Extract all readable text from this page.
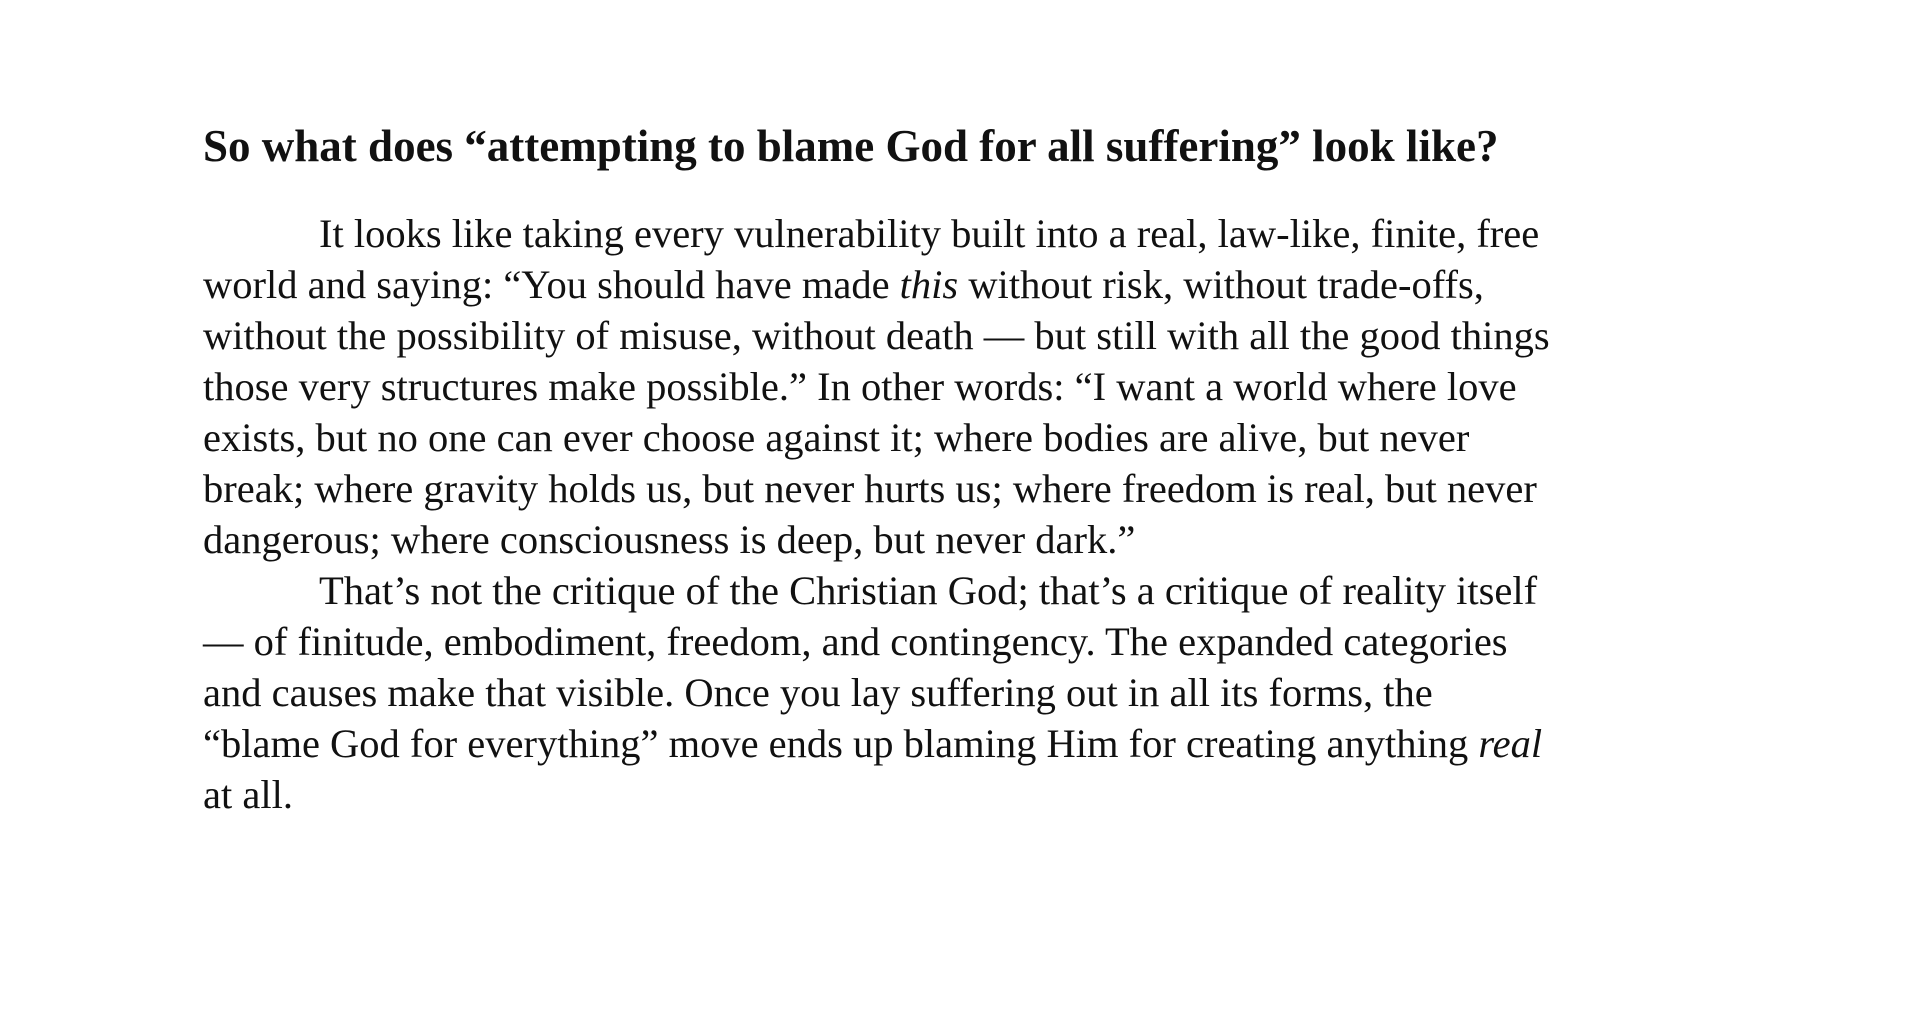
So what does “attempting to blame God for all suffering” look like?
It looks like taking every vulnerability built into a real, law-like, finite, free
world and saying: “You should have made this without risk, without trade-offs,
without the possibility of misuse, without death — but still with all the good things
those very structures make possible.” In other words: “I want a world where love
exists, but no one can ever choose against it; where bodies are alive, but never
break; where gravity holds us, but never hurts us; where freedom is real, but never
dangerous; where consciousness is deep, but never dark.”
That’s not the critique of the Christian God; that’s a critique of reality itself
— of finitude, embodiment, freedom, and contingency. The expanded categories
and causes make that visible. Once you lay suffering out in all its forms, the
“blame God for everything” move ends up blaming Him for creating anything real
at all.
